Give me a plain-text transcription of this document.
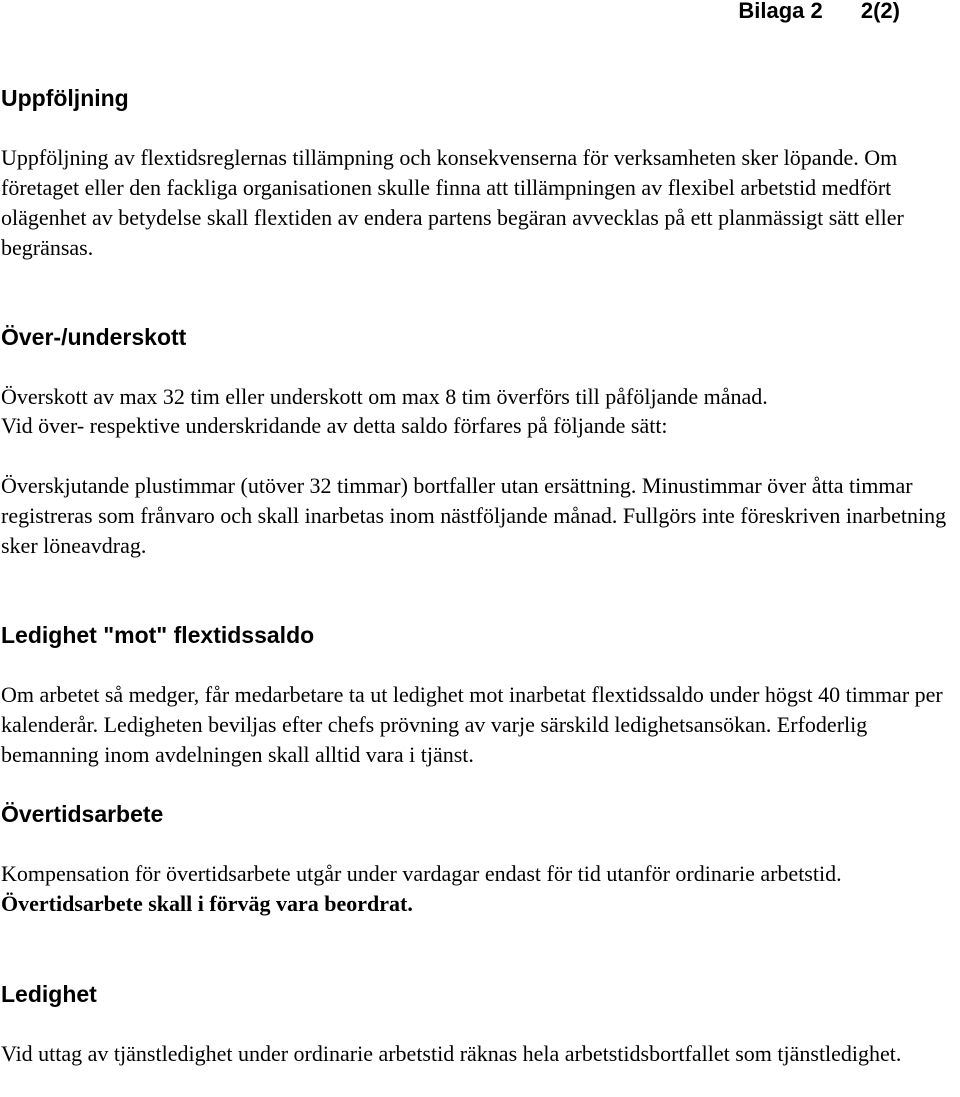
Bilaga 2 2(2)
Uppföljning

Uppföljning av flextidsreglernas tillämpning och konsekvenserna för verksamheten sker löpande. Om företaget eller den fackliga organisationen skulle finna att tillämpningen av flexibel arbetstid medfört olägenhet av betydelse skall flextiden av endera partens begäran avvecklas på ett planmässigt sätt eller begränsas.

Över-/underskott

Överskott av max 32 tim eller underskott om max 8 tim överförs till påföljande månad.

Vid över- respektive underskridande av detta saldo förfares på följande sätt:

Överskjutande plustimmar (utöver 32 timmar) bortfaller utan ersättning. Minustimmar över åtta timmar registreras som frånvaro och skall inarbetas inom nästföljande månad. Fullgörs inte föreskriven inarbetning sker löneavdrag.

Ledighet "mot" flextidssaldo

Om arbetet så medger, får medarbetare ta ut ledighet mot inarbetat flextidssaldo under högst 40 timmar per kalenderår. Ledigheten beviljas efter chefs prövning av varje särskild ledighetsansökan. Erfoderlig bemanning inom avdelningen skall alltid vara i tjänst.

Övertidsarbete

Kompensation för övertidsarbete utgår under vardagar endast för tid utanför ordinarie arbetstid. Övertidsarbete skall i förväg vara beordrat.

Ledighet

Vid uttag av tjänstledighet under ordinarie arbetstid räknas hela arbetstidsbortfallet som tjänstledighet.
